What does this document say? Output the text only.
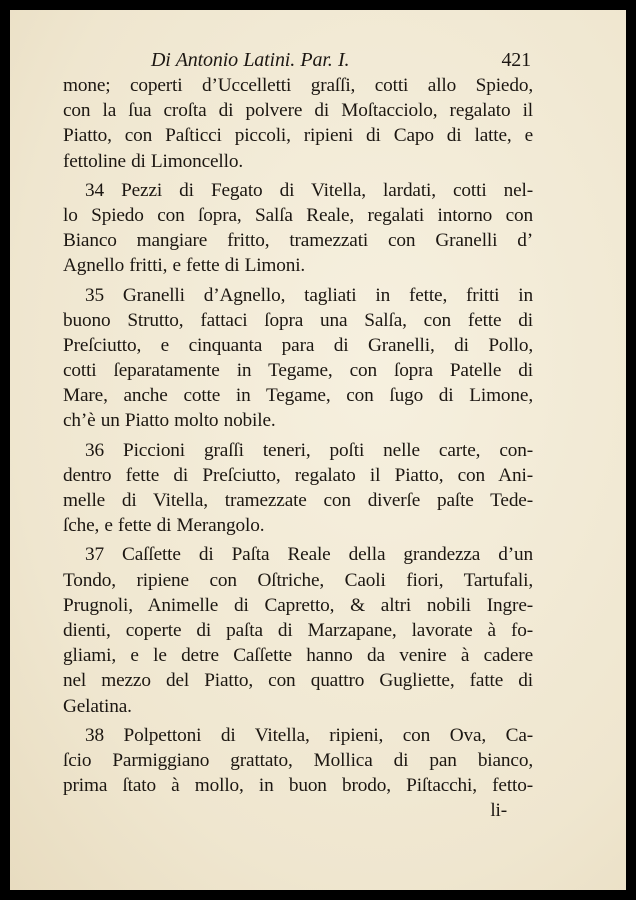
Di Antonio Latini. Par. I.	421
mone; coperti d’Uccelletti graſſi, cotti allo Spiedo,
con la ſua croſta di polvere di Moſtacciolo, regalato il
Piatto, con Paſticci piccoli, ripieni di Capo di latte, e
fettoline di Limoncello.
34 Pezzi di Fegato di Vitella, lardati, cotti nel-
lo Spiedo con ſopra, Salſa Reale, regalati intorno con
Bianco mangiare fritto, tramezzati con Granelli d’
Agnello fritti, e fette di Limoni.
35 Granelli d’Agnello, tagliati in fette, fritti in
buono Strutto, fattaci ſopra una Salſa, con fette di
Preſciutto, e cinquanta para di Granelli, di Pollo,
cotti ſeparatamente in Tegame, con ſopra Patelle di
Mare, anche cotte in Tegame, con ſugo di Limone,
ch’è un Piatto molto nobile.
36 Piccioni graſſi teneri, poſti nelle carte, con-
dentro fette di Preſciutto, regalato il Piatto, con Ani-
melle di Vitella, tramezzate con diverſe paſte Tede-
ſche, e fette di Merangolo.
37 Caſſette di Paſta Reale della grandezza d’un
Tondo, ripiene con Oſtriche, Caoli fiori, Tartufali,
Prugnoli, Animelle di Capretto, & altri nobili Ingre-
dienti, coperte di paſta di Marzapane, lavorate à fo-
gliami, e le detre Caſſette hanno da venire à cadere
nel mezzo del Piatto, con quattro Gugliette, fatte di
Gelatina.
38 Polpettoni di Vitella, ripieni, con Ova, Ca-
ſcio Parmiggiano grattato, Mollica di pan bianco,
prima ſtato à mollo, in buon brodo, Piſtacchi, fetto-
li-
